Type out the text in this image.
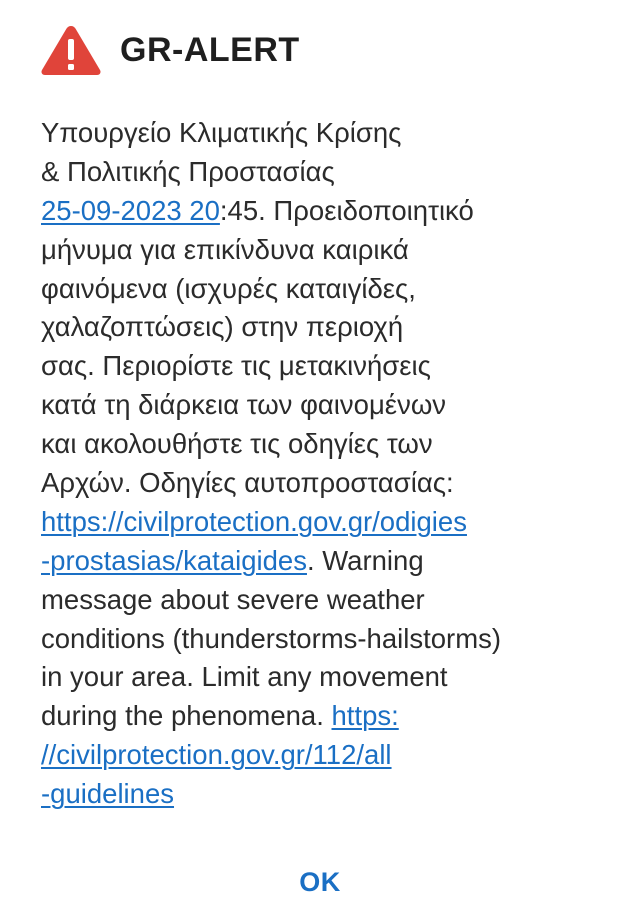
GR-ALERT
Υπουργείο Κλιματικής Κρίσης
& Πολιτικής Προστασίας
25-09-2023 20:45. Προειδοποιητικό
μήνυμα για επικίνδυνα καιρικά
φαινόμενα (ισχυρές καταιγίδες,
χαλαζοπτώσεις) στην περιοχή
σας. Περιορίστε τις μετακινήσεις
κατά τη διάρκεια των φαινομένων
και ακολουθήστε τις οδηγίες των
Αρχών. Οδηγίες αυτοπροστασίας:
https://civilprotection.gov.gr/odigies
-prostasias/kataigides. Warning
message about severe weather
conditions (thunderstorms-hailstorms)
in your area. Limit any movement
during the phenomena. https:
//civilprotection.gov.gr/112/all
-guidelines
OK
